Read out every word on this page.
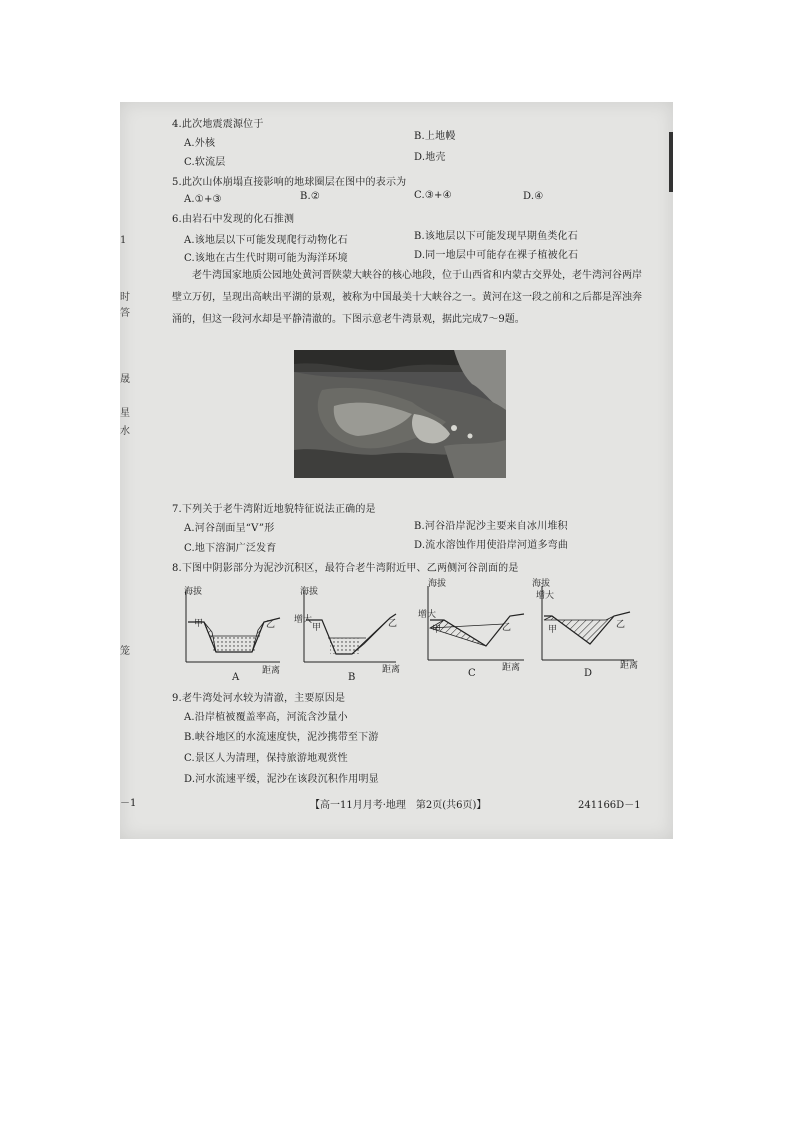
4.此次地震震源位于
A.外核
B.上地幔
C.软流层	D.地壳
5.此次山体崩塌直接影响的地球圈层在图中的表示为
A.①+③	B.②	C.③+④	D.④
6.由岩石中发现的化石推测
A.该地层以下可能发现爬行动物化石	B.该地层以下可能发现早期鱼类化石
C.该地在古生代时期可能为海洋环境	D.同一地层中可能存在裸子植被化石
老牛湾国家地质公园地处黄河晋陕蒙大峡谷的核心地段，位于山西省和内蒙古交界处，老牛湾河谷两岸壁立万仞，呈现出高峡出平湖的景观，被称为中国最美十大峡谷之一。黄河在这一段之前和之后都是浑浊奔涌的，但这一段河水却是平静清澈的。下图示意老牛湾景观，据此完成7～9题。
7.下列关于老牛湾附近地貌特征说法正确的是
A.河谷剖面呈“V”形	B.河谷沿岸泥沙主要来自冰川堆积
C.地下溶洞广泛发育	D.流水溶蚀作用使沿岸河道多弯曲
8.下图中阴影部分为泥沙沉积区，最符合老牛湾附近甲、乙两侧河谷剖面的是
海拔
甲	乙
距离
A
海拔
增大
甲	乙
距离
B
海拔
增大
甲	乙
距离
C
海拔
增大
甲	乙
距离
D
9.老牛湾处河水较为清澈，主要原因是
A.沿岸植被覆盖率高，河流含沙量小
B.峡谷地区的水流速度快，泥沙携带至下游
C.景区人为清理，保持旅游地观赏性
D.河水流速平缓，泥沙在该段沉积作用明显
－1	【高一11月月考·地理　第2页(共6页)】	241166D－1
1
时
答
晟
星
水
笼
